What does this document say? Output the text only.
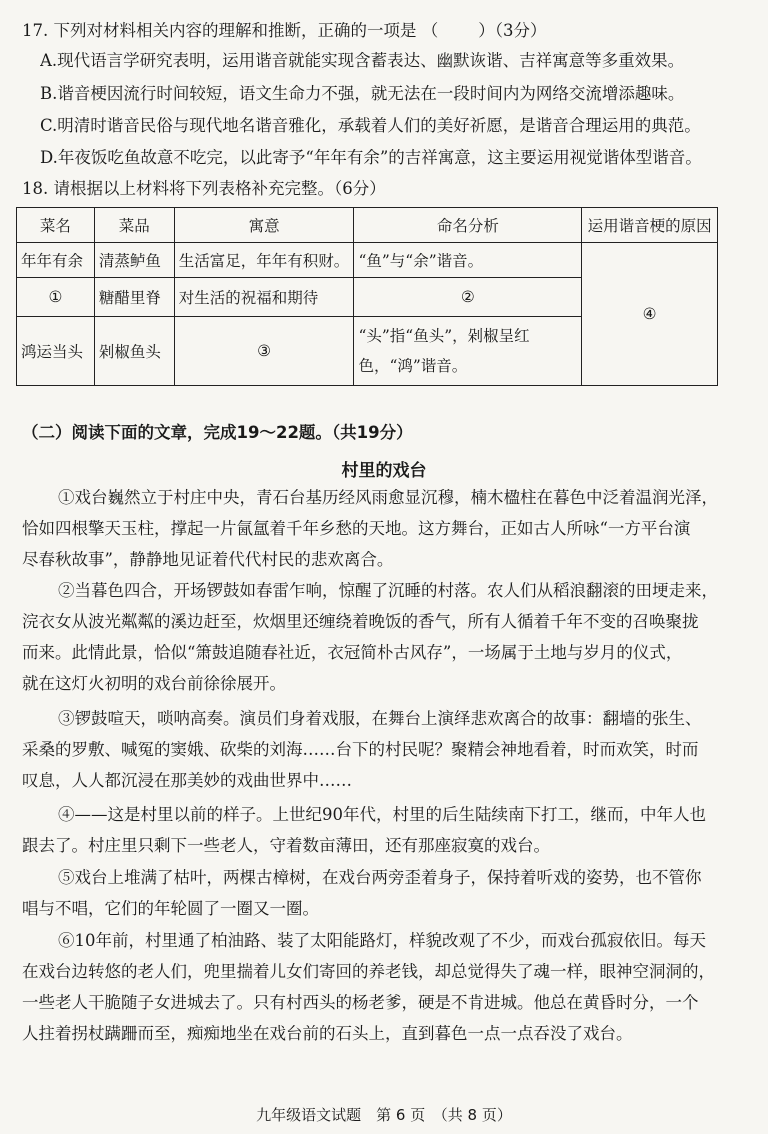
17. 下列对材料相关内容的理解和推断，正确的一项是 （ ）（3分）
A.现代语言学研究表明，运用谐音就能实现含蓄表达、幽默诙谐、吉祥寓意等多重效果。
B.谐音梗因流行时间较短，语文生命力不强，就无法在一段时间内为网络交流增添趣味。
C.明清时谐音民俗与现代地名谐音雅化，承载着人们的美好祈愿，是谐音合理运用的典范。
D.年夜饭吃鱼故意不吃完，以此寄予“年年有余”的吉祥寓意，这主要运用视觉谐体型谐音。
18. 请根据以上材料将下列表格补充完整。（6分）
菜名	菜品	寓意	命名分析	运用谐音梗的原因
年年有余	清蒸鲈鱼	生活富足，年年有积财。	“鱼”与“余”谐音。	④
①	糖醋里脊	对生活的祝福和期待	②	
鸿运当头	剁椒鱼头	③	“头”指“鱼头”，剁椒呈红色，“鸿”谐音。	
（二）阅读下面的文章，完成19～22题。（共19分）
村里的戏台
①戏台巍然立于村庄中央，青石台基历经风雨愈显沉穆，楠木楹柱在暮色中泛着温润光泽，
恰如四根擎天玉柱，撑起一片氤氲着千年乡愁的天地。这方舞台，正如古人所咏“一方平台演
尽春秋故事”，静静地见证着代代村民的悲欢离合。
②当暮色四合，开场锣鼓如春雷乍响，惊醒了沉睡的村落。农人们从稻浪翻滚的田埂走来，
浣衣女从波光粼粼的溪边赶至，炊烟里还缠绕着晚饭的香气，所有人循着千年不变的召唤聚拢
而来。此情此景，恰似“箫鼓追随春社近，衣冠简朴古风存”，一场属于土地与岁月的仪式，
就在这灯火初明的戏台前徐徐展开。
③锣鼓喧天，唢呐高奏。演员们身着戏服，在舞台上演绎悲欢离合的故事：翻墙的张生、
采桑的罗敷、喊冤的窦娥、砍柴的刘海……台下的村民呢？聚精会神地看着，时而欢笑，时而
叹息，人人都沉浸在那美妙的戏曲世界中……
④——这是村里以前的样子。上世纪90年代，村里的后生陆续南下打工，继而，中年人也
跟去了。村庄里只剩下一些老人，守着数亩薄田，还有那座寂寞的戏台。
⑤戏台上堆满了枯叶，两棵古樟树，在戏台两旁歪着身子，保持着听戏的姿势，也不管你
唱与不唱，它们的年轮圆了一圈又一圈。
⑥10年前，村里通了柏油路、装了太阳能路灯，样貌改观了不少，而戏台孤寂依旧。每天
在戏台边转悠的老人们，兜里揣着儿女们寄回的养老钱，却总觉得失了魂一样，眼神空洞洞的，
一些老人干脆随子女进城去了。只有村西头的杨老爹，硬是不肯进城。他总在黄昏时分，一个
人拄着拐杖蹒跚而至，痴痴地坐在戏台前的石头上，直到暮色一点一点吞没了戏台。
九年级语文试题　第 6 页　（共 8 页）
